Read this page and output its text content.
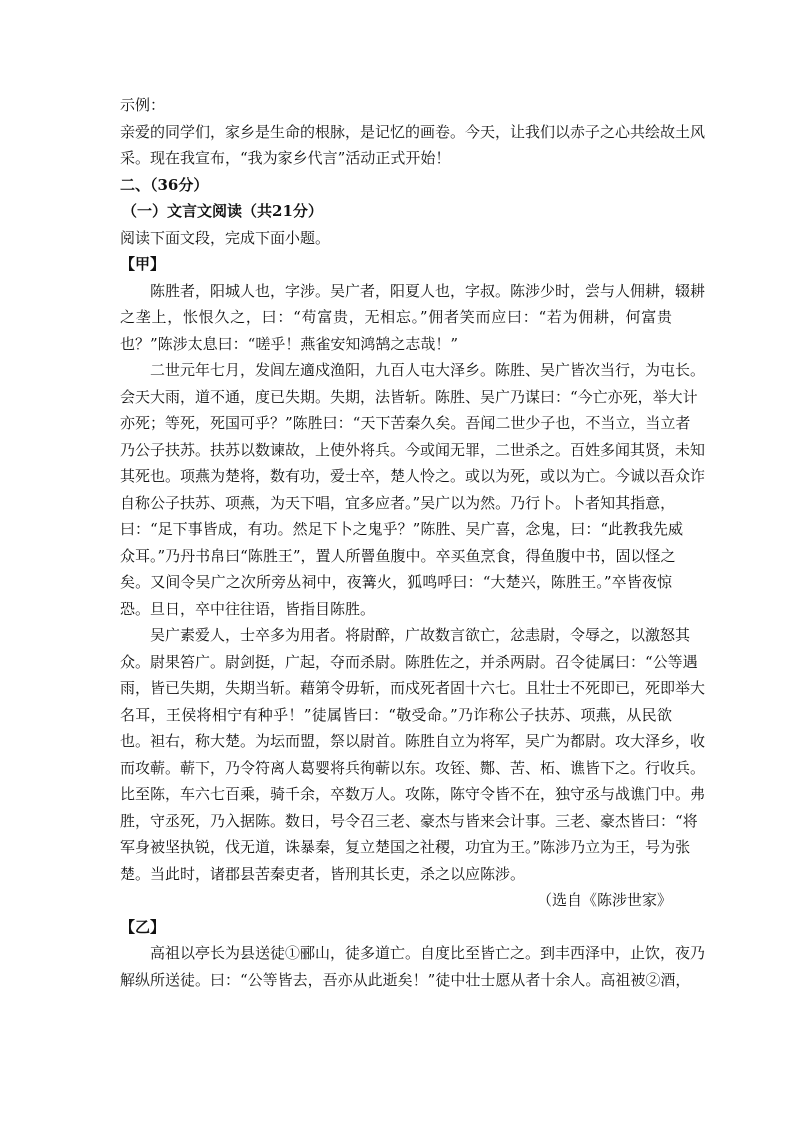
示例：
亲爱的同学们，家乡是生命的根脉，是记忆的画卷。今天，让我们以赤子之心共绘故土风
采。现在我宣布，“我为家乡代言”活动正式开始！
二、（36分）
（一）文言文阅读（共21分）
阅读下面文段，完成下面小题。
【甲】
陈胜者，阳城人也，字涉。吴广者，阳夏人也，字叔。陈涉少时，尝与人佣耕，辍耕
之垄上，怅恨久之，曰：“苟富贵，无相忘。”佣者笑而应曰：“若为佣耕，何富贵
也？”陈涉太息曰：“嗟乎！燕雀安知鸿鹄之志哉！”
二世元年七月，发闾左適戍渔阳，九百人屯大泽乡。陈胜、吴广皆次当行，为屯长。
会天大雨，道不通，度已失期。失期，法皆斩。陈胜、吴广乃谋曰：“今亡亦死，举大计
亦死；等死，死国可乎？”陈胜曰：“天下苦秦久矣。吾闻二世少子也，不当立，当立者
乃公子扶苏。扶苏以数谏故，上使外将兵。今或闻无罪，二世杀之。百姓多闻其贤，未知
其死也。项燕为楚将，数有功，爱士卒，楚人怜之。或以为死，或以为亡。今诚以吾众诈
自称公子扶苏、项燕，为天下唱，宜多应者。”吴广以为然。乃行卜。卜者知其指意，
曰：“足下事皆成，有功。然足下卜之鬼乎？”陈胜、吴广喜，念鬼，曰：“此教我先威
众耳。”乃丹书帛曰“陈胜王”，置人所罾鱼腹中。卒买鱼烹食，得鱼腹中书，固以怪之
矣。又间令吴广之次所旁丛祠中，夜篝火，狐鸣呼曰：“大楚兴，陈胜王。”卒皆夜惊
恐。旦日，卒中往往语，皆指目陈胜。
吴广素爱人，士卒多为用者。将尉醉，广故数言欲亡，忿恚尉，令辱之，以激怒其
众。尉果笞广。尉剑挺，广起，夺而杀尉。陈胜佐之，并杀两尉。召令徒属曰：“公等遇
雨，皆已失期，失期当斩。藉第令毋斩，而戍死者固十六七。且壮士不死即已，死即举大
名耳，王侯将相宁有种乎！”徒属皆曰：“敬受命。”乃诈称公子扶苏、项燕，从民欲
也。袒右，称大楚。为坛而盟，祭以尉首。陈胜自立为将军，吴广为都尉。攻大泽乡，收
而攻蕲。蕲下，乃令符离人葛婴将兵徇蕲以东。攻铚、酂、苦、柘、谯皆下之。行收兵。
比至陈，车六七百乘，骑千余，卒数万人。攻陈，陈守令皆不在，独守丞与战谯门中。弗
胜，守丞死，乃入据陈。数日，号令召三老、豪杰与皆来会计事。三老、豪杰皆曰：“将
军身被坚执锐，伐无道，诛暴秦，复立楚国之社稷，功宜为王。”陈涉乃立为王，号为张
楚。当此时，诸郡县苦秦吏者，皆刑其长吏，杀之以应陈涉。
（选自《陈涉世家》
【乙】
高祖以亭长为县送徒①郦山，徒多道亡。自度比至皆亡之。到丰西泽中，止饮，夜乃
解纵所送徒。曰：“公等皆去，吾亦从此逝矣！”徒中壮士愿从者十余人。高祖被②酒，
